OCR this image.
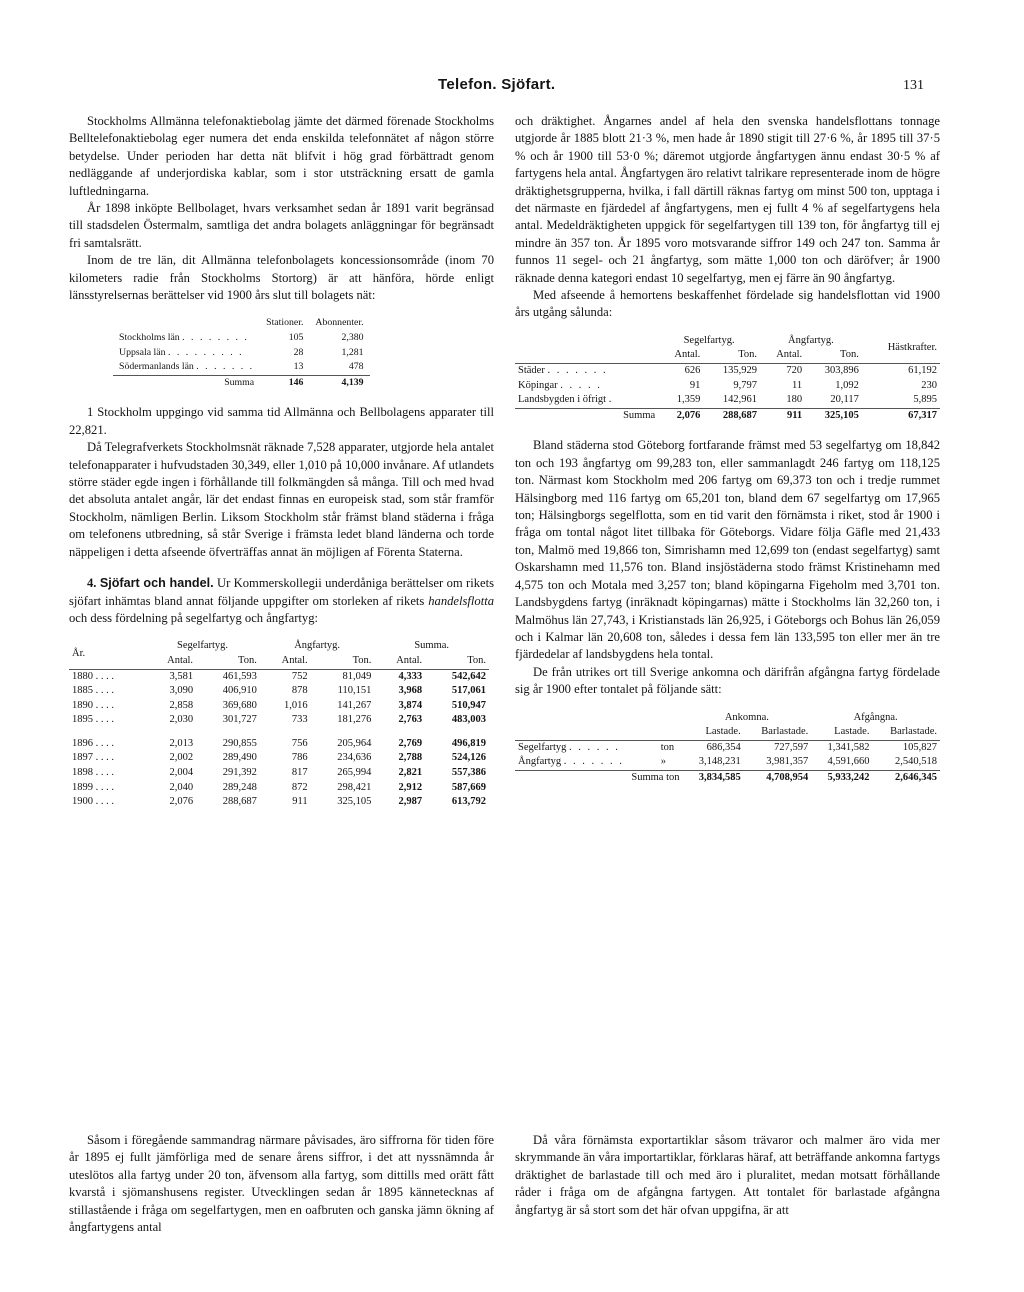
Telefon. Sjöfart.	131

Stockholms Allmänna telefonaktiebolag jämte det därmed förenade Stockholms Belltelefonaktiebolag eger numera det enda enskilda telefonnätet af någon större betydelse. Under perioden har detta nät blifvit i hög grad förbättradt genom nedläggande af underjordiska kablar, som i stor utsträckning ersatt de gamla luftledningarna.

År 1898 inköpte Bellbolaget, hvars verksamhet sedan år 1891 varit begränsad till stadsdelen Östermalm, samtliga det andra bolagets anläggningar för begränsadt fri samtalsrätt.

Inom de tre län, dit Allmänna telefonbolagets koncessionsområde (inom 70 kilometers radie från Stockholms Stortorg) är att hänföra, hörde enligt länsstyrelsernas berättelser vid 1900 års slut till bolagets nät:

	Stationer.	Abonnenter.
Stockholms län . . . . . . . .	105	2,380
Uppsala län . . . . . . . . .	28	1,281
Södermanlands län . . . . . . .	13	478
Summa	146	4,139

1 Stockholm uppgingo vid samma tid Allmänna och Bellbolagens apparater till 22,821.

Då Telegrafverkets Stockholmsnät räknade 7,528 apparater, utgjorde hela antalet telefonapparater i hufvudstaden 30,349, eller 1,010 på 10,000 invånare. Af utlandets större städer egde ingen i förhållande till folkmängden så många. Till och med hvad det absoluta antalet angår, lär det endast finnas en europeisk stad, som står framför Stockholm, nämligen Berlin. Liksom Stockholm står främst bland städerna i fråga om telefonens utbredning, så står Sverige i främsta ledet bland länderna och torde näppeligen i detta afseende öfverträffas annat än möjligen af Förenta Staterna.

4. Sjöfart och handel. Ur Kommerskollegii underdåniga berättelser om rikets sjöfart inhämtas bland annat följande uppgifter om storleken af rikets handelsflotta och dess fördelning på segelfartyg och ångfartyg:

År.	Segelfartyg.		Ångfartyg.		Summa.	
	Antal.	Ton.	Antal.	Ton.	Antal.	Ton.
1880 . . . .	3,581	461,593	752	81,049	4,333	542,642
1885 . . . .	3,090	406,910	878	110,151	3,968	517,061
1890 . . . .	2,858	369,680	1,016	141,267	3,874	510,947
1895 . . . .	2,030	301,727	733	181,276	2,763	483,003
1896 . . . .	2,013	290,855	756	205,964	2,769	496,819
1897 . . . .	2,002	289,490	786	234,636	2,788	524,126
1898 . . . .	2,004	291,392	817	265,994	2,821	557,386
1899 . . . .	2,040	289,248	872	298,421	2,912	587,669
1900 . . . .	2,076	288,687	911	325,105	2,987	613,792

Såsom i föregående sammandrag närmare påvisades, äro siffrorna för tiden före år 1895 ej fullt jämförliga med de senare årens siffror, i det att nyssnämnda år uteslötos alla fartyg under 20 ton, äfvensom alla fartyg, som dittills med orätt fått kvarstå i sjömanshusens register. Utvecklingen sedan år 1895 kännetecknas af stillastående i fråga om segelfartygen, men en oafbruten och ganska jämn ökning af ångfartygens antal

och dräktighet. Ångarnes andel af hela den svenska handelsflottans tonnage utgjorde år 1885 blott 21·3 %, men hade år 1890 stigit till 27·6 %, år 1895 till 37·5 % och år 1900 till 53·0 %; däremot utgjorde ångfartygen ännu endast 30·5 % af fartygens hela antal. Ångfartygen äro relativt talrikare representerade inom de högre dräktighetsgrupperna, hvilka, i fall därtill räknas fartyg om minst 500 ton, upptaga i det närmaste en fjärdedel af ångfartygens, men ej fullt 4 % af segelfartygens hela antal. Medeldräktigheten uppgick för segelfartygen till 139 ton, för ångfartyg till ej mindre än 357 ton. År 1895 voro motsvarande siffror 149 och 247 ton. Samma år funnos 11 segel- och 21 ångfartyg, som mätte 1,000 ton och däröfver; år 1900 räknade denna kategori endast 10 segelfartyg, men ej färre än 90 ångfartyg.

Med afseende å hemortens beskaffenhet fördelade sig handelsflottan vid 1900 års utgång sålunda:

	Segelfartyg.		Ångfartyg.		Hästkrafter.
	Antal.	Ton.	Antal.	Ton.	
Städer . . . . . . .	626	135,929	720	303,896	61,192
Köpingar . . . . .	91	9,797	11	1,092	230
Landsbygden i öfrigt .	1,359	142,961	180	20,117	5,895
Summa	2,076	288,687	911	325,105	67,317

Bland städerna stod Göteborg fortfarande främst med 53 segelfartyg om 18,842 ton och 193 ångfartyg om 99,283 ton, eller sammanlagdt 246 fartyg om 118,125 ton. Närmast kom Stockholm med 206 fartyg om 69,373 ton och i tredje rummet Hälsingborg med 116 fartyg om 65,201 ton, bland dem 67 segelfartyg om 17,965 ton; Hälsingborgs segelflotta, som en tid varit den förnämsta i riket, stod år 1900 i fråga om tontal något litet tillbaka för Göteborgs. Vidare följa Gäfle med 21,433 ton, Malmö med 19,866 ton, Simrishamn med 12,699 ton (endast segelfartyg) samt Oskarshamn med 11,576 ton. Bland insjöstäderna stodo främst Kristinehamn med 4,575 ton och Motala med 3,257 ton; bland köpingarna Figeholm med 3,701 ton. Landsbygdens fartyg (inräknadt köpingarnas) mätte i Stockholms län 32,260 ton, i Malmöhus län 27,743, i Kristianstads län 26,925, i Göteborgs och Bohus län 26,059 och i Kalmar län 20,608 ton, således i dessa fem län 133,595 ton eller mer än tre fjärdedelar af landsbygdens hela tontal.

De från utrikes ort till Sverige ankomna och därifrån afgångna fartyg fördelade sig år 1900 efter tontalet på följande sätt:

		Ankomna.		Afgångna.	
		Lastade.	Barlastade.	Lastade.	Barlastade.
Segelfartyg . . . . . .	ton	686,354	727,597	1,341,582	105,827
Ångfartyg . . . . . . .	»	3,148,231	3,981,357	4,591,660	2,540,518
Summa ton		3,834,585	4,708,954	5,933,242	2,646,345

Då våra förnämsta exportartiklar såsom trävaror och malmer äro vida mer skrymmande än våra importartiklar, förklaras häraf, att beträffande ankomna fartygs dräktighet de barlastade till och med äro i pluralitet, medan motsatt förhållande råder i fråga om de afgångna fartygen. Att tontalet för barlastade afgångna ångfartyg är så stort som det här ofvan uppgifna, är att
